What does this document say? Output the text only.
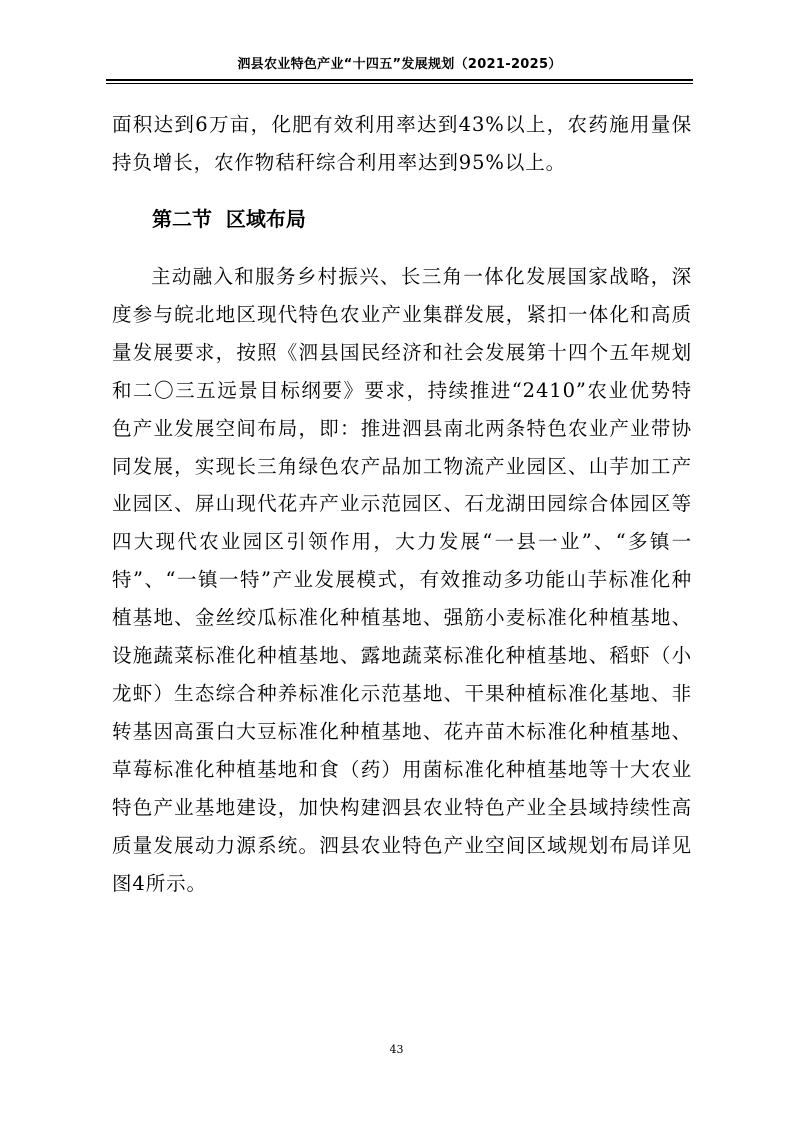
泗县农业特色产业“十四五”发展规划（2021-2025）

面积达到6万亩，化肥有效利用率达到43%以上，农药施用量保持负增长，农作物秸秆综合利用率达到95%以上。

第二节  区域布局

主动融入和服务乡村振兴、长三角一体化发展国家战略，深度参与皖北地区现代特色农业产业集群发展，紧扣一体化和高质量发展要求，按照《泗县国民经济和社会发展第十四个五年规划和二〇三五远景目标纲要》要求，持续推进“2410”农业优势特色产业发展空间布局，即：推进泗县南北两条特色农业产业带协同发展，实现长三角绿色农产品加工物流产业园区、山芋加工产业园区、屏山现代花卉产业示范园区、石龙湖田园综合体园区等四大现代农业园区引领作用，大力发展“一县一业”、“多镇一特”、“一镇一特”产业发展模式，有效推动多功能山芋标准化种植基地、金丝绞瓜标准化种植基地、强筋小麦标准化种植基地、设施蔬菜标准化种植基地、露地蔬菜标准化种植基地、稻虾（小龙虾）生态综合种养标准化示范基地、干果种植标准化基地、非转基因高蛋白大豆标准化种植基地、花卉苗木标准化种植基地、草莓标准化种植基地和食（药）用菌标准化种植基地等十大农业特色产业基地建设，加快构建泗县农业特色产业全县域持续性高质量发展动力源系统。泗县农业特色产业空间区域规划布局详见图4所示。

43
